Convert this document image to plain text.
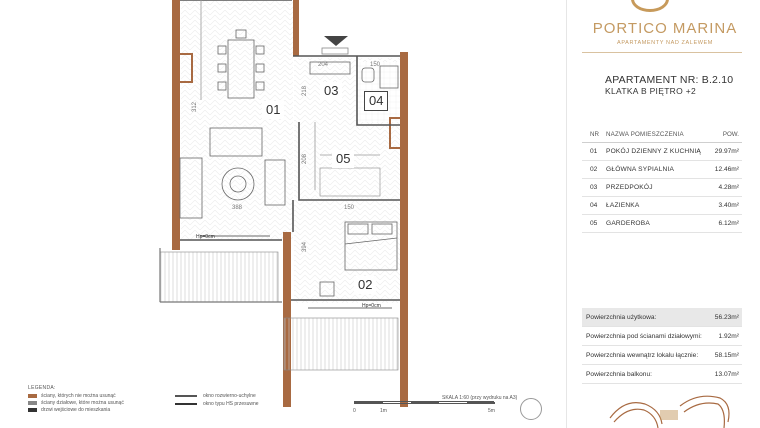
01
03
04
05
02
204	150
312
218
208
388	150
394
Hp=0cm
Hp=0cm
LEGENDA:
ściany, których nie można usunąć
ściany działowe, które można usunąć
drzwi wejściowe do mieszkania
okno rozwierno-uchylne
okno typu HS przesuwne
SKALA 1:60 (przy wydruku na A3)
0	1m	5m
PORTICO MARINA
APARTAMENTY NAD ZALEWEM
APARTAMENT NR: B.2.10
KLATKA B PIĘTRO +2
NR NAZWA POMIESZCZENIA	POW.
01 POKÓJ DZIENNY Z KUCHNIĄ 29.97m²
02 GŁÓWNA SYPIALNIA	12.46m²
03 PRZEDPOKÓJ	4.28m²
04 ŁAZIENKA	3.40m²
05 GARDEROBA	6.12m²
Powierzchnia użytkowa:	56.23m²
Powierzchnia pod ścianami działowymi:	1.92m²
Powierzchnia wewnątrz lokalu łącznie:	58.15m²
Powierzchnia balkonu:	13.07m²
